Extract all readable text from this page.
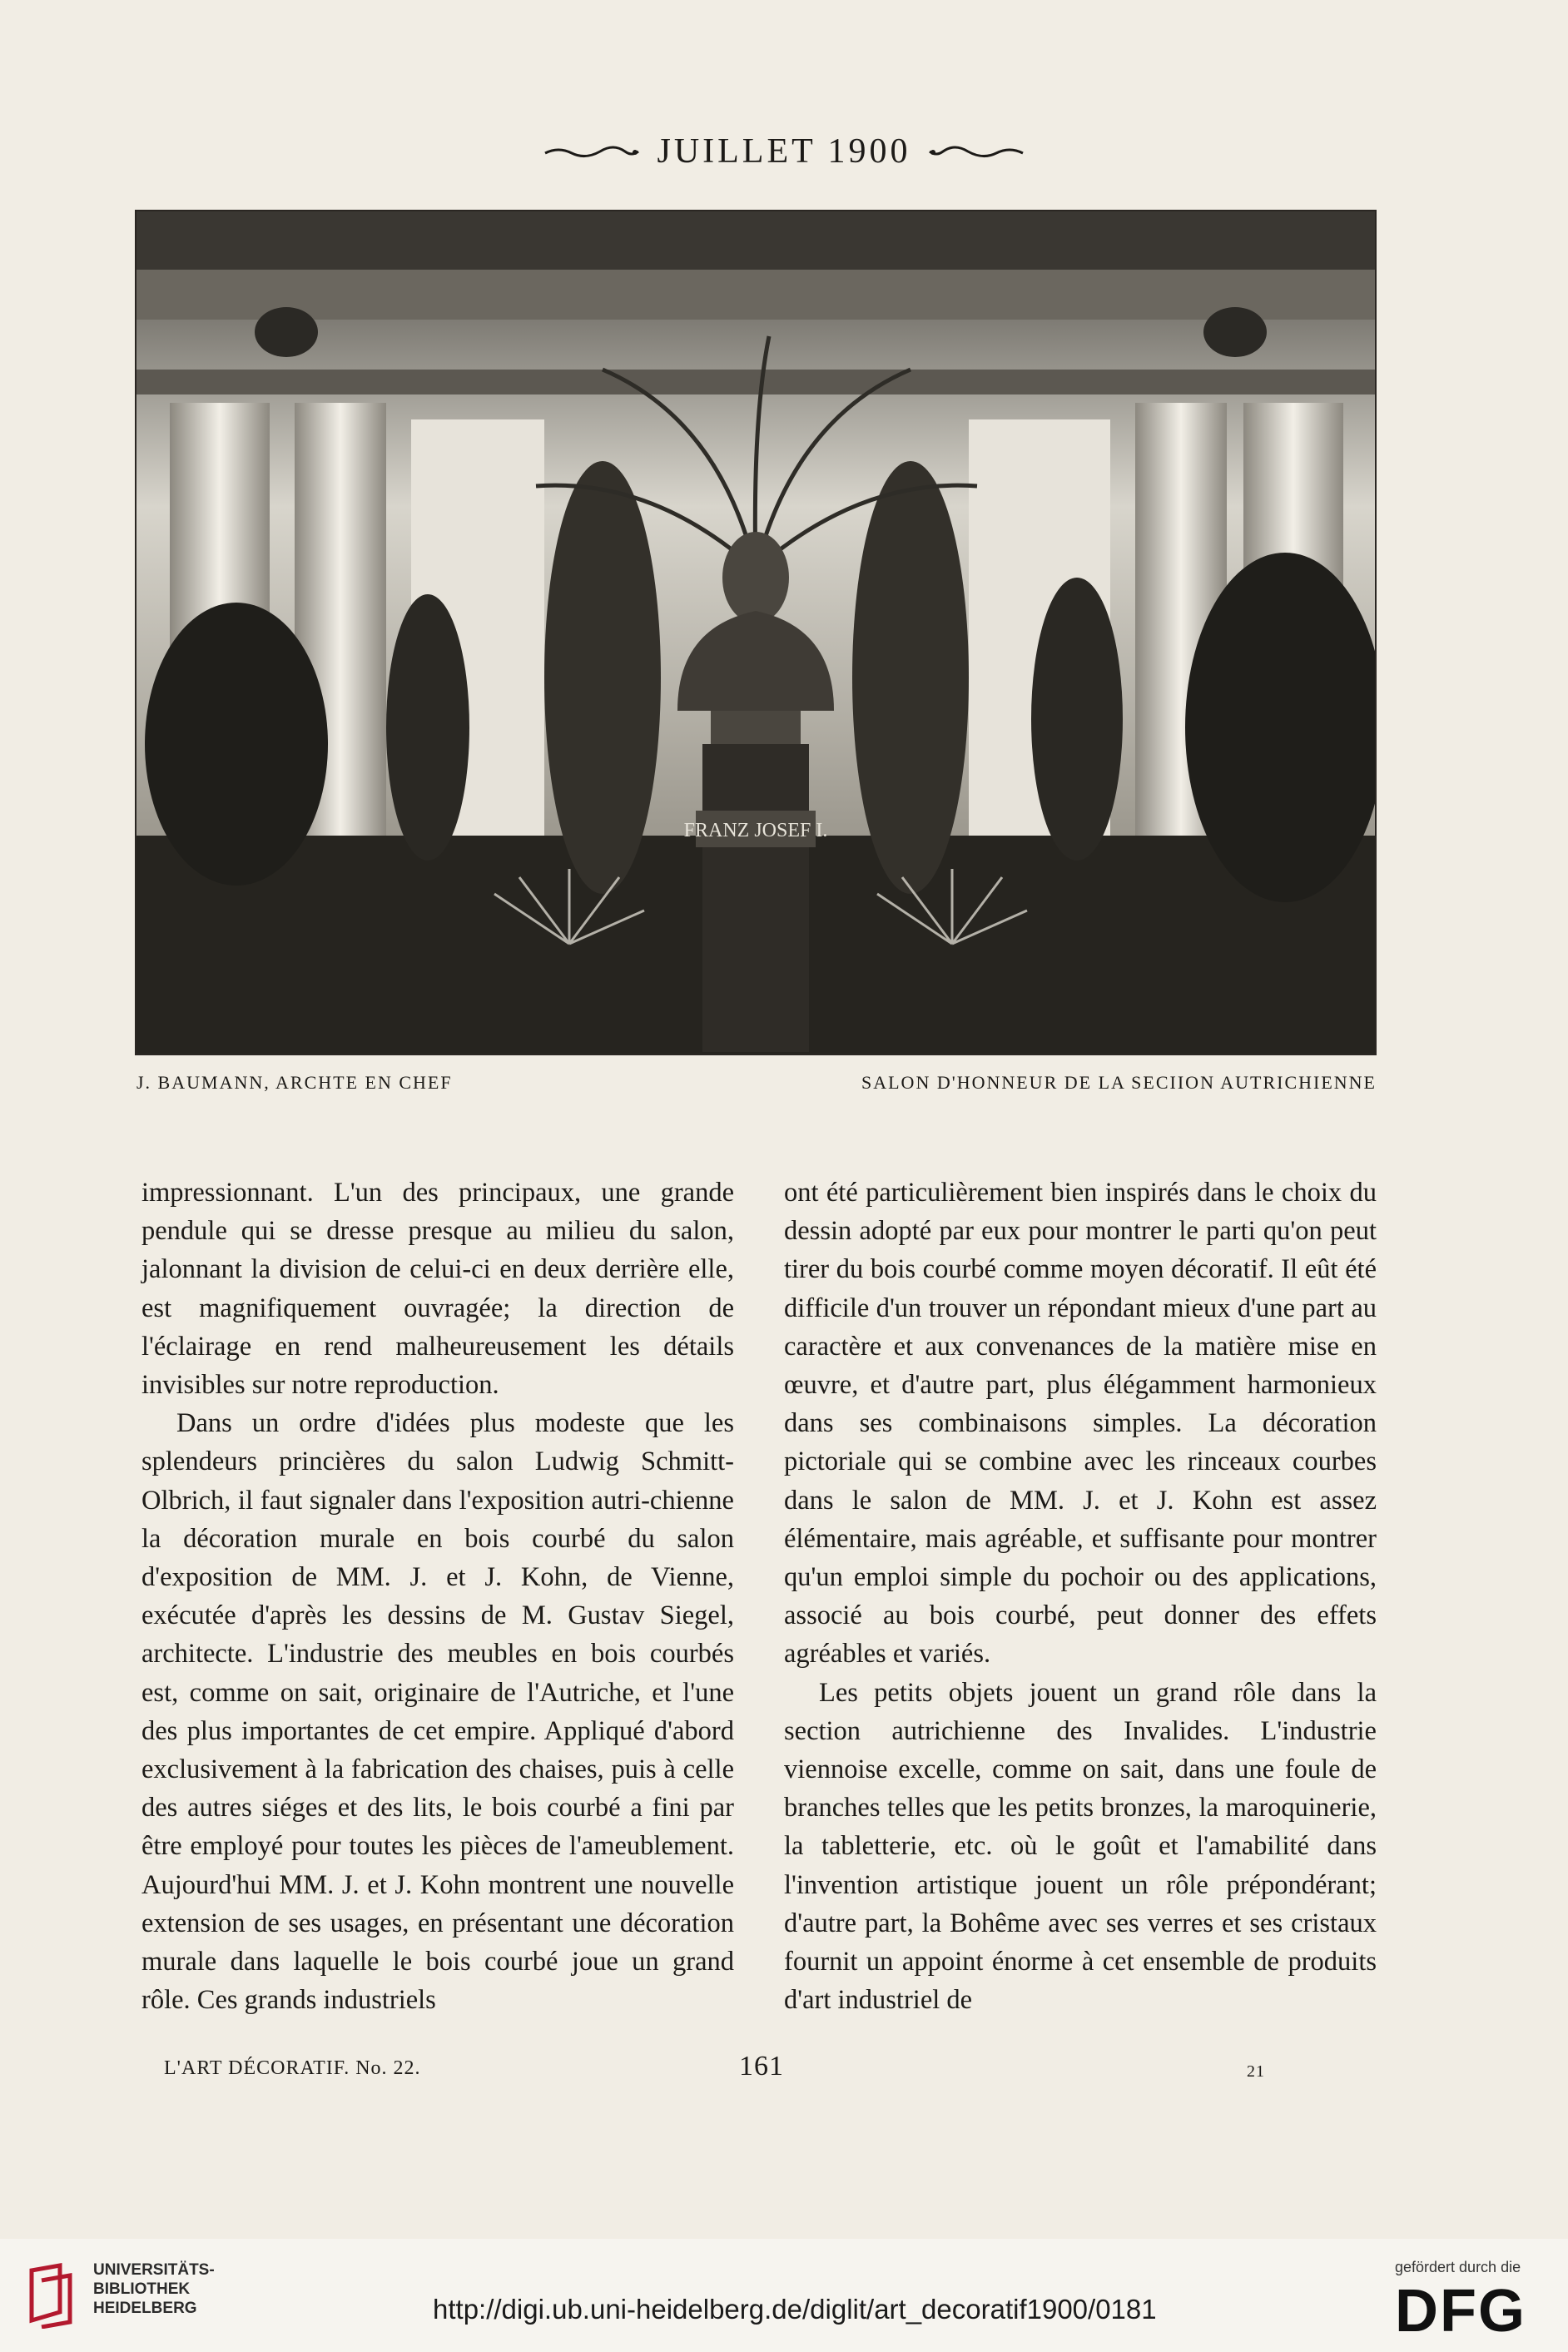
JUILLET 1900
FRANZ JOSEF I.
J. BAUMANN, ARCHTE EN CHEF	SALON D'HONNEUR DE LA SECIION AUTRICHIENNE

impressionnant. L'un des principaux, une grande pendule qui se dresse presque au milieu du salon, jalonnant la division de celui-ci en deux derrière elle, est magnifiquement ouvragée; la direction de l'éclairage en rend malheureusement les détails invisibles sur notre reproduction.

Dans un ordre d'idées plus modeste que les splendeurs princières du salon Ludwig Schmitt-Olbrich, il faut signaler dans l'exposition autri-chienne la décoration murale en bois courbé du salon d'exposition de MM. J. et J. Kohn, de Vienne, exécutée d'après les dessins de M. Gustav Siegel, architecte. L'industrie des meubles en bois courbés est, comme on sait, originaire de l'Autriche, et l'une des plus importantes de cet empire. Appliqué d'abord exclusivement à la fabrication des chaises, puis à celle des autres siéges et des lits, le bois courbé a fini par être employé pour toutes les pièces de l'ameublement. Aujourd'hui MM. J. et J. Kohn montrent une nouvelle extension de ses usages, en présentant une décoration murale dans laquelle le bois courbé joue un grand rôle. Ces grands industriels

ont été particulièrement bien inspirés dans le choix du dessin adopté par eux pour montrer le parti qu'on peut tirer du bois courbé comme moyen décoratif. Il eût été difficile d'un trouver un répondant mieux d'une part au caractère et aux convenances de la matière mise en œuvre, et d'autre part, plus élégamment harmonieux dans ses combinaisons simples. La décoration pictoriale qui se combine avec les rinceaux courbes dans le salon de MM. J. et J. Kohn est assez élémentaire, mais agréable, et suffisante pour montrer qu'un emploi simple du pochoir ou des applications, associé au bois courbé, peut donner des effets agréables et variés.

Les petits objets jouent un grand rôle dans la section autrichienne des Invalides. L'industrie viennoise excelle, comme on sait, dans une foule de branches telles que les petits bronzes, la maroquinerie, la tabletterie, etc. où le goût et l'amabilité dans l'invention artistique jouent un rôle prépondérant; d'autre part, la Bohême avec ses verres et ses cristaux fournit un appoint énorme à cet ensemble de produits d'art industriel de

L'ART DÉCORATIF. No. 22.	161	21
UNIVERSITÄTS-
BIBLIOTHEK
HEIDELBERG	http://digi.ub.uni-heidelberg.de/diglit/art_decoratif1900/0181
gefördert durch die
DFG
